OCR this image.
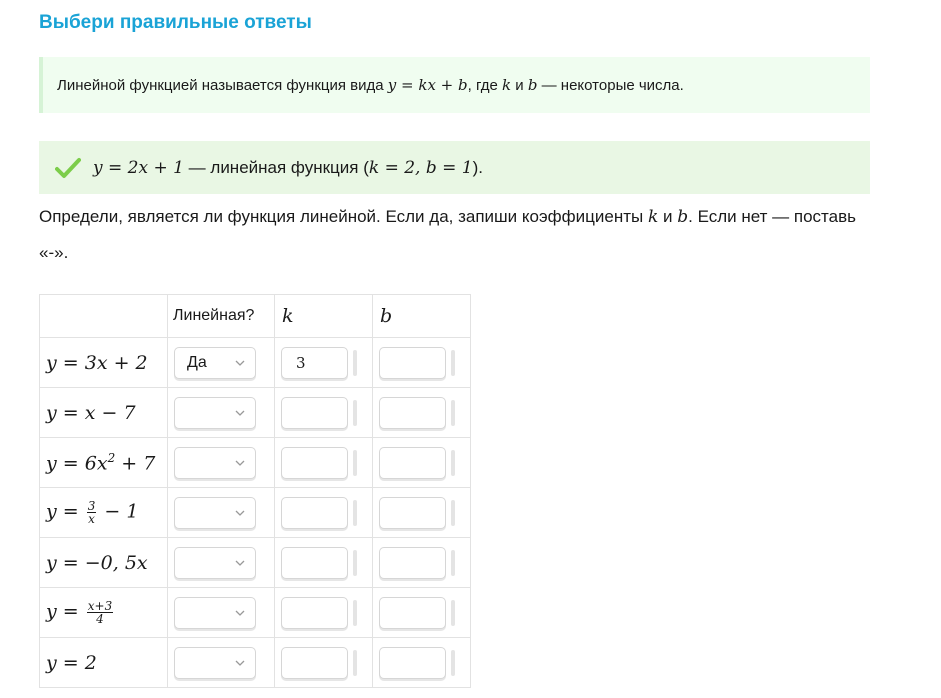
Выбери правильные ответы
Линейной функцией называется функция вида
y = kx + b , где
k
и
b
— некоторые числа.
y = 2x + 1
— линейная функция ( k = 2, b = 1 ).
Определи, является ли функция линейной. Если да, запиши коэффициенты k и b. Если нет — поставь «-».
	Линейная?	k	b
y = 3x + 2	Да	3	

y = x − 7	

$y = 6x^2 + 7$	

$y = \frac{3}{x} - 1$	

y = −0, 5x	

$y = \frac{x+3}{4}$

y = 2	
